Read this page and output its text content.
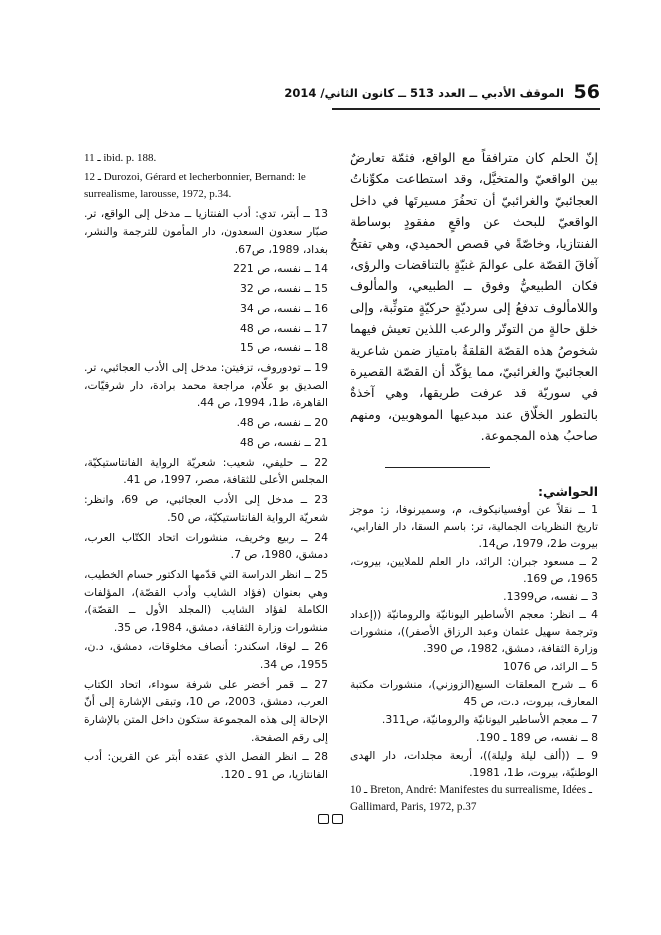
56
الموقف الأدبي ــ العدد 513 ــ كانون الثاني/ 2014

إنّ الحلم كان مترافقاً مع الواقع، فثمّة تعارضٌ بين الواقعيّ والمتخيَّل، وقد استطاعت مكوِّناتُ العجائبيّ والغرائبيّ أن تحفُرَ مسيرتَها في داخل الواقعيّ للبحث عن واقعٍ مفقودٍ بوساطة الفنتازيا، وخاصّةً في قصص الحميدي، وهي تفتحُ آفاقَ القصّة على عوالمَ غنيّةٍ بالتناقضات والرؤى، فكان الطبيعيُّ وفوق ــ الطبيعي، والمألوف واللامألوف تدفعُ إلى سرديّةٍ حركيّةٍ متوثِّبة، وإلى خلق حالةٍ من التوتّر والرعب اللذين تعيش فيهما شخوصُ هذه القصّة القلقةُ بامتياز ضمن شاعرية العجائبيّ والغرائبيّ، مما يؤكّد أن القصّة القصيرة في سوريّة قد عرفت طريقها، وهي آخذةٌ بالتطور الخلّاق عند مبدعيها الموهوبين، ومنهم صاحبُ هذه المجموعة.

الحواشي:

1 ــ نقلاً عن أوفسيانيكوف، م، وسميرنوفا، ز: موجز تاريخ النظريات الجمالية، تر: باسم السقا، دار الفارابي، بيروت ط2، 1979، ص14.

2 ــ مسعود جبران: الرائد، دار العلم للملايين، بيروت، 1965، ص 169.

3 ــ نفسه، ص1399.

4 ــ انظر: معجم الأساطير اليونانيّة والرومانيّة ((إعداد وترجمة سهيل عثمان وعبد الرزاق الأصفر))، منشورات وزارة الثقافة، دمشق، 1982، ص 390.

5 ــ الرائد، ص 1076

6 ــ شرح المعلقات السبع(الزوزني)، منشورات مكتبة المعارف، بيروت، د.ت، ص 45

7 ــ معجم الأساطير اليونانيّة والرومانيّة، ص311.

8 ــ نفسه، ص 189 ـ 190.

9 ــ ((ألف ليلة وليلة))، أربعة مجلدات، دار الهدى الوطنيّة، بيروت، ط1، 1981.

10 ـ Breton, André: Manifestes du surrealisme, Idées ـ Gallimard, Paris, 1972, p.37

11 ـ ibid. p. 188.

12 ـ Durozoi, Gérard et lecherbonnier, Bernand: le surrealisme, larousse, 1972, p.34.

13 ــ أبتر، تدي: أدب الفنتازيا ــ مدخل إلى الواقع، تر. صبّار سعدون السعدون، دار المأمون للترجمة والنشر، بغداد، 1989، ص67.

14 ــ نفسه، ص 221

15 ــ نفسه، ص 32

16 ــ نفسه، ص 34

17 ــ نفسه، ص 48

18 ــ نفسه، ص 15

19 ــ تودوروف، تزفيتن: مدخل إلى الأدب العجائبي، تر. الصديق بو علّام، مراجعة محمد برادة، دار شرقيّات، القاهرة، ط1، 1994، ص 44.

20 ــ نفسه، ص 48.

21 ــ نفسه، ص 48

22 ــ حليفي، شعيب: شعريّة الرواية الفانتاستيكيّة، المجلس الأعلى للثقافة، مصر، 1997، ص 41.

23 ــ مدخل إلى الأدب العجائبي، ص 69، وانظر: شعريّة الرواية الفانتاستيكيّة، ص 50.

24 ــ ربيع وخريف، منشورات اتحاد الكتّاب العرب، دمشق، 1980، ص 7.

25 ــ انظر الدراسة التي قدّمها الدكتور حسام الخطيب، وهي بعنوان (فؤاد الشايب وأدب القصّة)، المؤلفات الكاملة لفؤاد الشايب (المجلد الأول ــ القصّة)، منشورات وزارة الثقافة، دمشق، 1984، ص 35.

26 ــ لوقا، اسكندر: أنصاف مخلوقات، دمشق، د.ن، 1955، ص 34.

27 ــ قمر أخضر على شرفة سوداء، اتحاد الكتاب العرب، دمشق، 2003، ص 10، وتبقى الإشارة إلى أنّ الإحالة إلى هذه المجموعة ستكون داخل المتن بالإشارة إلى رقم الصفحة.

28 ــ انظر الفصل الذي عقده أبتر عن القرين: أدب الفانتازيا، ص 91 ـ 120.
